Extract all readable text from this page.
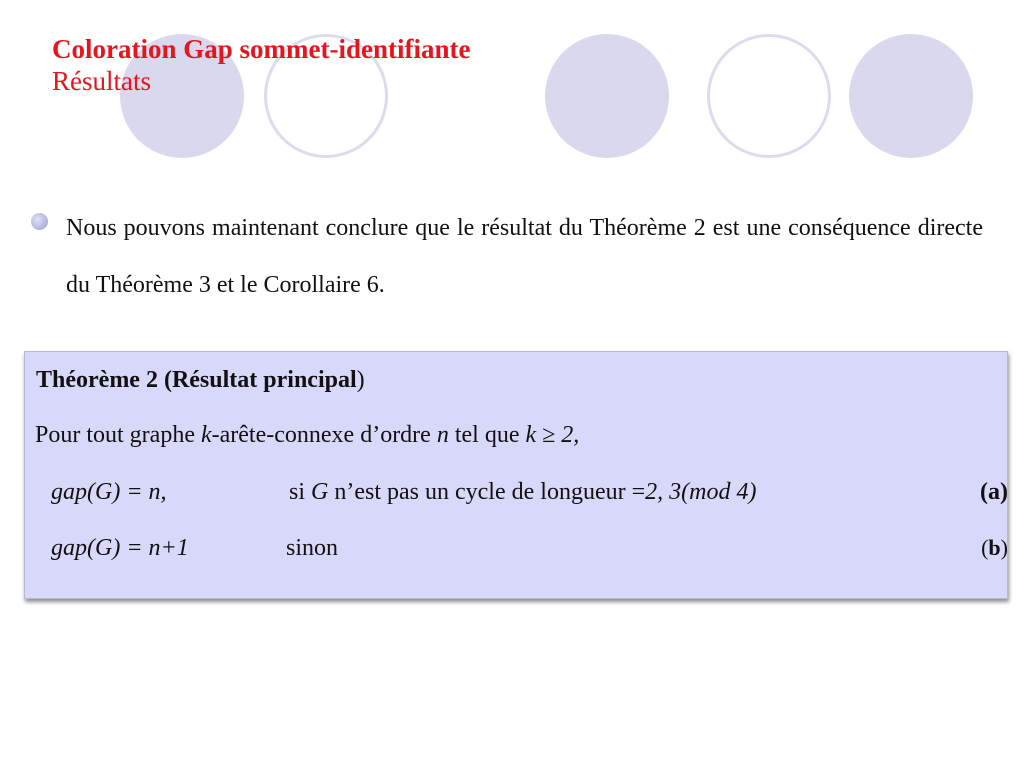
Coloration Gap sommet-identifiante
Résultats
Nous pouvons maintenant conclure que le résultat du Théorème 2 est une conséquence directe du Théorème 3 et le Corollaire 6.
Théorème 2 (Résultat principal)
Pour tout graphe k-arête-connexe d’ordre n tel que k ≥ 2,
gap(G) = n,	si G n’est pas un cycle de longueur =2, 3(mod 4)	(a)
gap(G) = n+1	sinon	(b)
